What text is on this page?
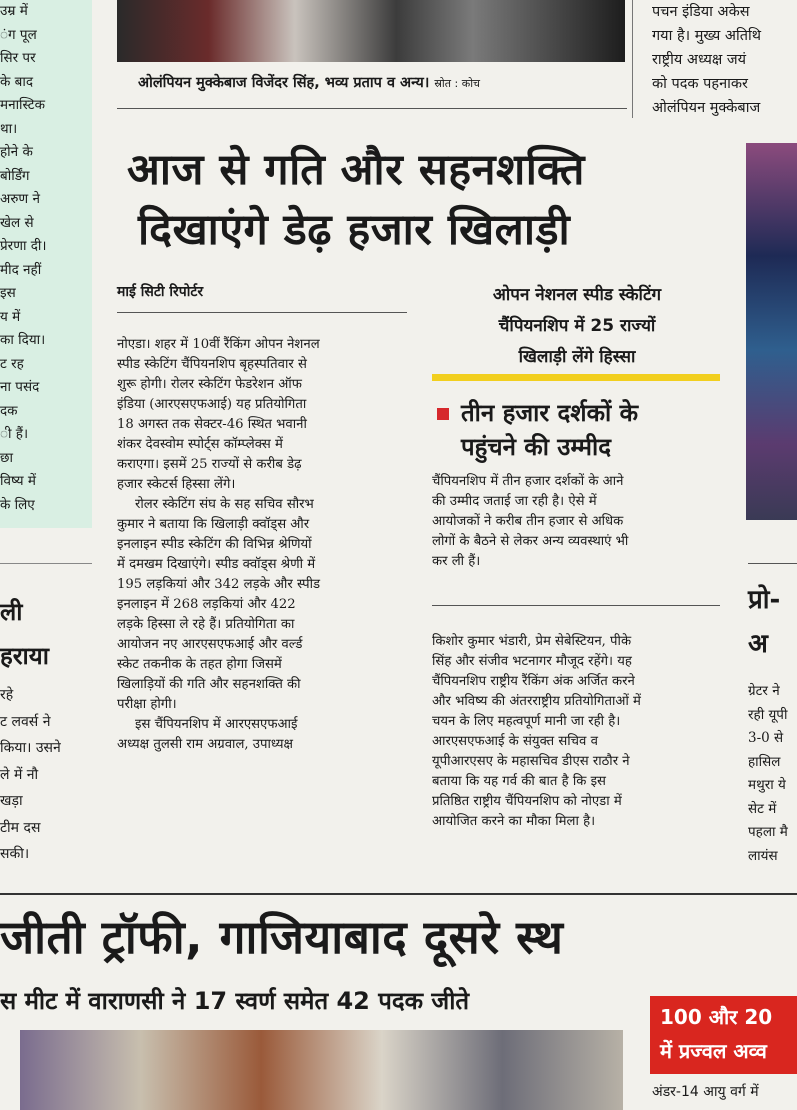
उम्र में
ंग पूल
सिर पर
के बाद
मनास्टिक
था।
होने के
बोर्डिंग
अरुण ने
खेल से
प्रेरणा दी।
मीद नहीं
इस
य में
का दिया।
ट रह
ना पसंद
दक
ी हैं।
छा
विष्य में
के लिए
ली
हराया
रहे
ट लवर्स ने
किया। उसने
ले में नौ
खड़ा
टीम दस
सकी।
ओलंपियन मुक्केबाज विजेंदर सिंह, भव्य प्रताप व अन्य। स्रोत : कोच
पचन इंडिया अकेस
गया है। मुख्य अतिथि
राष्ट्रीय अध्यक्ष जयं
को पदक पहनाकर
ओलंपियन मुक्केबाज
आज से गति और सहनशक्ति
दिखाएंगे डेढ़ हजार खिलाड़ी
माई सिटी रिपोर्टर
नोएडा। शहर में 10वीं रैंकिंग ओपन नेशनल
स्पीड स्केटिंग चैंपियनशिप बृहस्पतिवार से
शुरू होगी। रोलर स्केटिंग फेडरेशन ऑफ
इंडिया (आरएसएफआई) यह प्रतियोगिता
18 अगस्त तक सेक्टर-46 स्थित भवानी
शंकर देवस्वोम स्पोर्ट्स कॉम्प्लेक्स में
कराएगा। इसमें 25 राज्यों से करीब डेढ़
हजार स्केटर्स हिस्सा लेंगे।
रोलर स्केटिंग संघ के सह सचिव सौरभ
कुमार ने बताया कि खिलाड़ी क्वॉड्स और
इनलाइन स्पीड स्केटिंग की विभिन्न श्रेणियों
में दमखम दिखाएंगे। स्पीड क्वॉड्स श्रेणी में
195 लड़कियां और 342 लड़के और स्पीड
इनलाइन में 268 लड़कियां और 422
लड़के हिस्सा ले रहे हैं। प्रतियोगिता का
आयोजन नए आरएसएफआई और वर्ल्ड
स्केट तकनीक के तहत होगा जिसमें
खिलाड़ियों की गति और सहनशक्ति की
परीक्षा होगी।
इस चैंपियनशिप में आरएसएफआई
अध्यक्ष तुलसी राम अग्रवाल, उपाध्यक्ष
ओपन नेशनल स्पीड स्केटिंग
चैंपियनशिप में 25 राज्यों
खिलाड़ी लेंगे हिस्सा
तीन हजार दर्शकों के
पहुंचने की उम्मीद
चैंपियनशिप में तीन हजार दर्शकों के आने
की उम्मीद जताई जा रही है। ऐसे में
आयोजकों ने करीब तीन हजार से अधिक
लोगों के बैठने से लेकर अन्य व्यवस्थाएं भी
कर ली हैं।
किशोर कुमार भंडारी, प्रेम सेबेस्टियन, पीके
सिंह और संजीव भटनागर मौजूद रहेंगे। यह
चैंपियनशिप राष्ट्रीय रैंकिंग अंक अर्जित करने
और भविष्य की अंतरराष्ट्रीय प्रतियोगिताओं में
चयन के लिए महत्वपूर्ण मानी जा रही है।
आरएसएफआई के संयुक्त सचिव व
यूपीआरएसए के महासचिव डीएस राठौर ने
बताया कि यह गर्व की बात है कि इस
प्रतिष्ठित राष्ट्रीय चैंपियनशिप को नोएडा में
आयोजित करने का मौका मिला है।
प्रो-
अ
ग्रेटर ने
रही यूपी
3-0 से
हासिल
मथुरा ये
सेट में
पहला मै
लायंस
जीती ट्रॉफी, गाजियाबाद दूसरे स्थ
स मीट में वाराणसी ने 17 स्वर्ण समेत 42 पदक जीते
100 और 20
में प्रज्वल अव्व
अंडर-14 आयु वर्ग में
